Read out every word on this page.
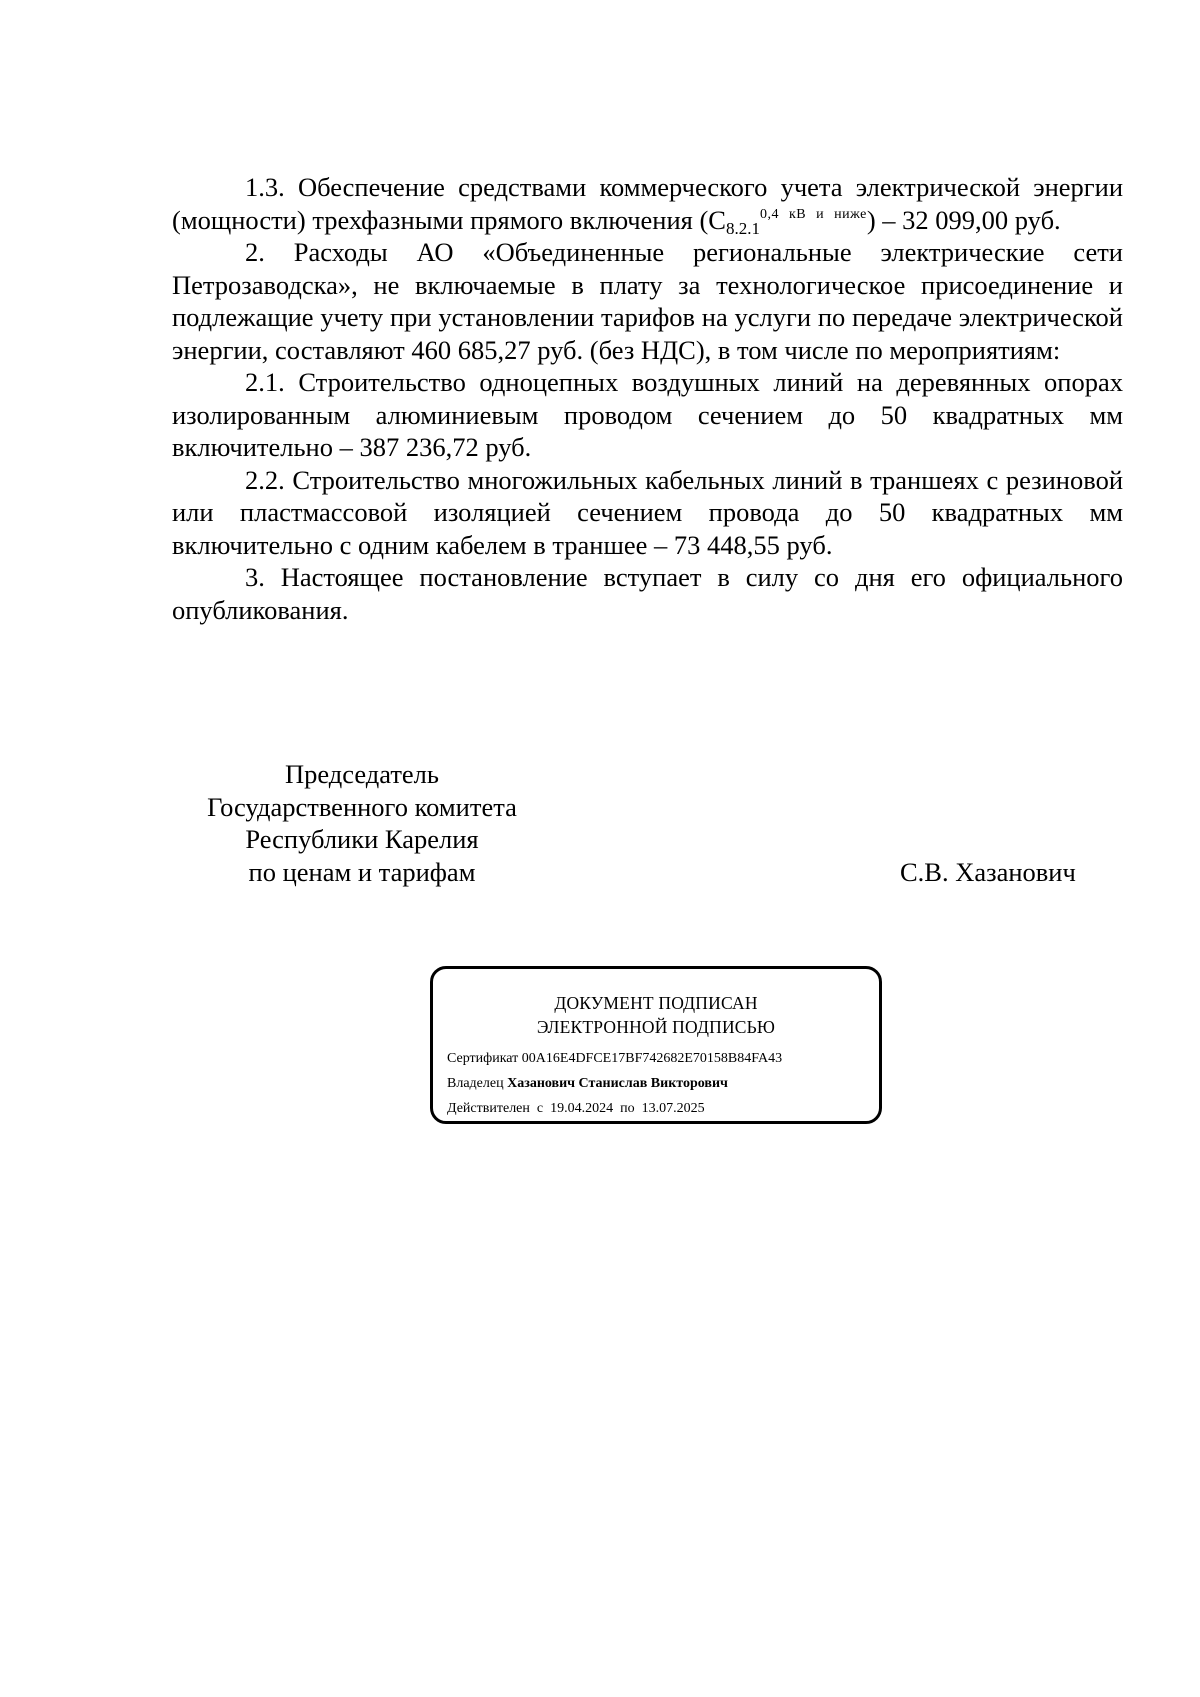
1.3. Обеспечение средствами коммерческого учета электрической энергии (мощности) трехфазными прямого включения $(С_{8.2.1}^{0,4 кВ и ниже}) - 32$ 099,00 руб.

2. Расходы АО «Объединенные региональные электрические сети Петрозаводска», не включаемые в плату за технологическое присоединение и подлежащие учету при установлении тарифов на услуги по передаче электрической энергии, составляют 460 685,27 руб. (без НДС), в том числе по мероприятиям:

2.1. Строительство одноцепных воздушных линий на деревянных опорах изолированным алюминиевым проводом сечением до 50 квадратных мм включительно – 387 236,72 руб.

2.2. Строительство многожильных кабельных линий в траншеях с резиновой или пластмассовой изоляцией сечением провода до 50 квадратных мм включительно с одним кабелем в траншее – 73 448,55 руб.

3. Настоящее постановление вступает в силу со дня его официального опубликования.

Председатель
Государственного комитета
Республики Карелия
по ценам и тарифам	С.В. Хазанович
ДОКУМЕНТ ПОДПИСАН
ЭЛЕКТРОННОЙ ПОДПИСЬЮ
Сертификат 00A16E4DFCE17BF742682E70158B84FA43
Владелец Хазанович Станислав Викторович
Действителен с 19.04.2024 по 13.07.2025
